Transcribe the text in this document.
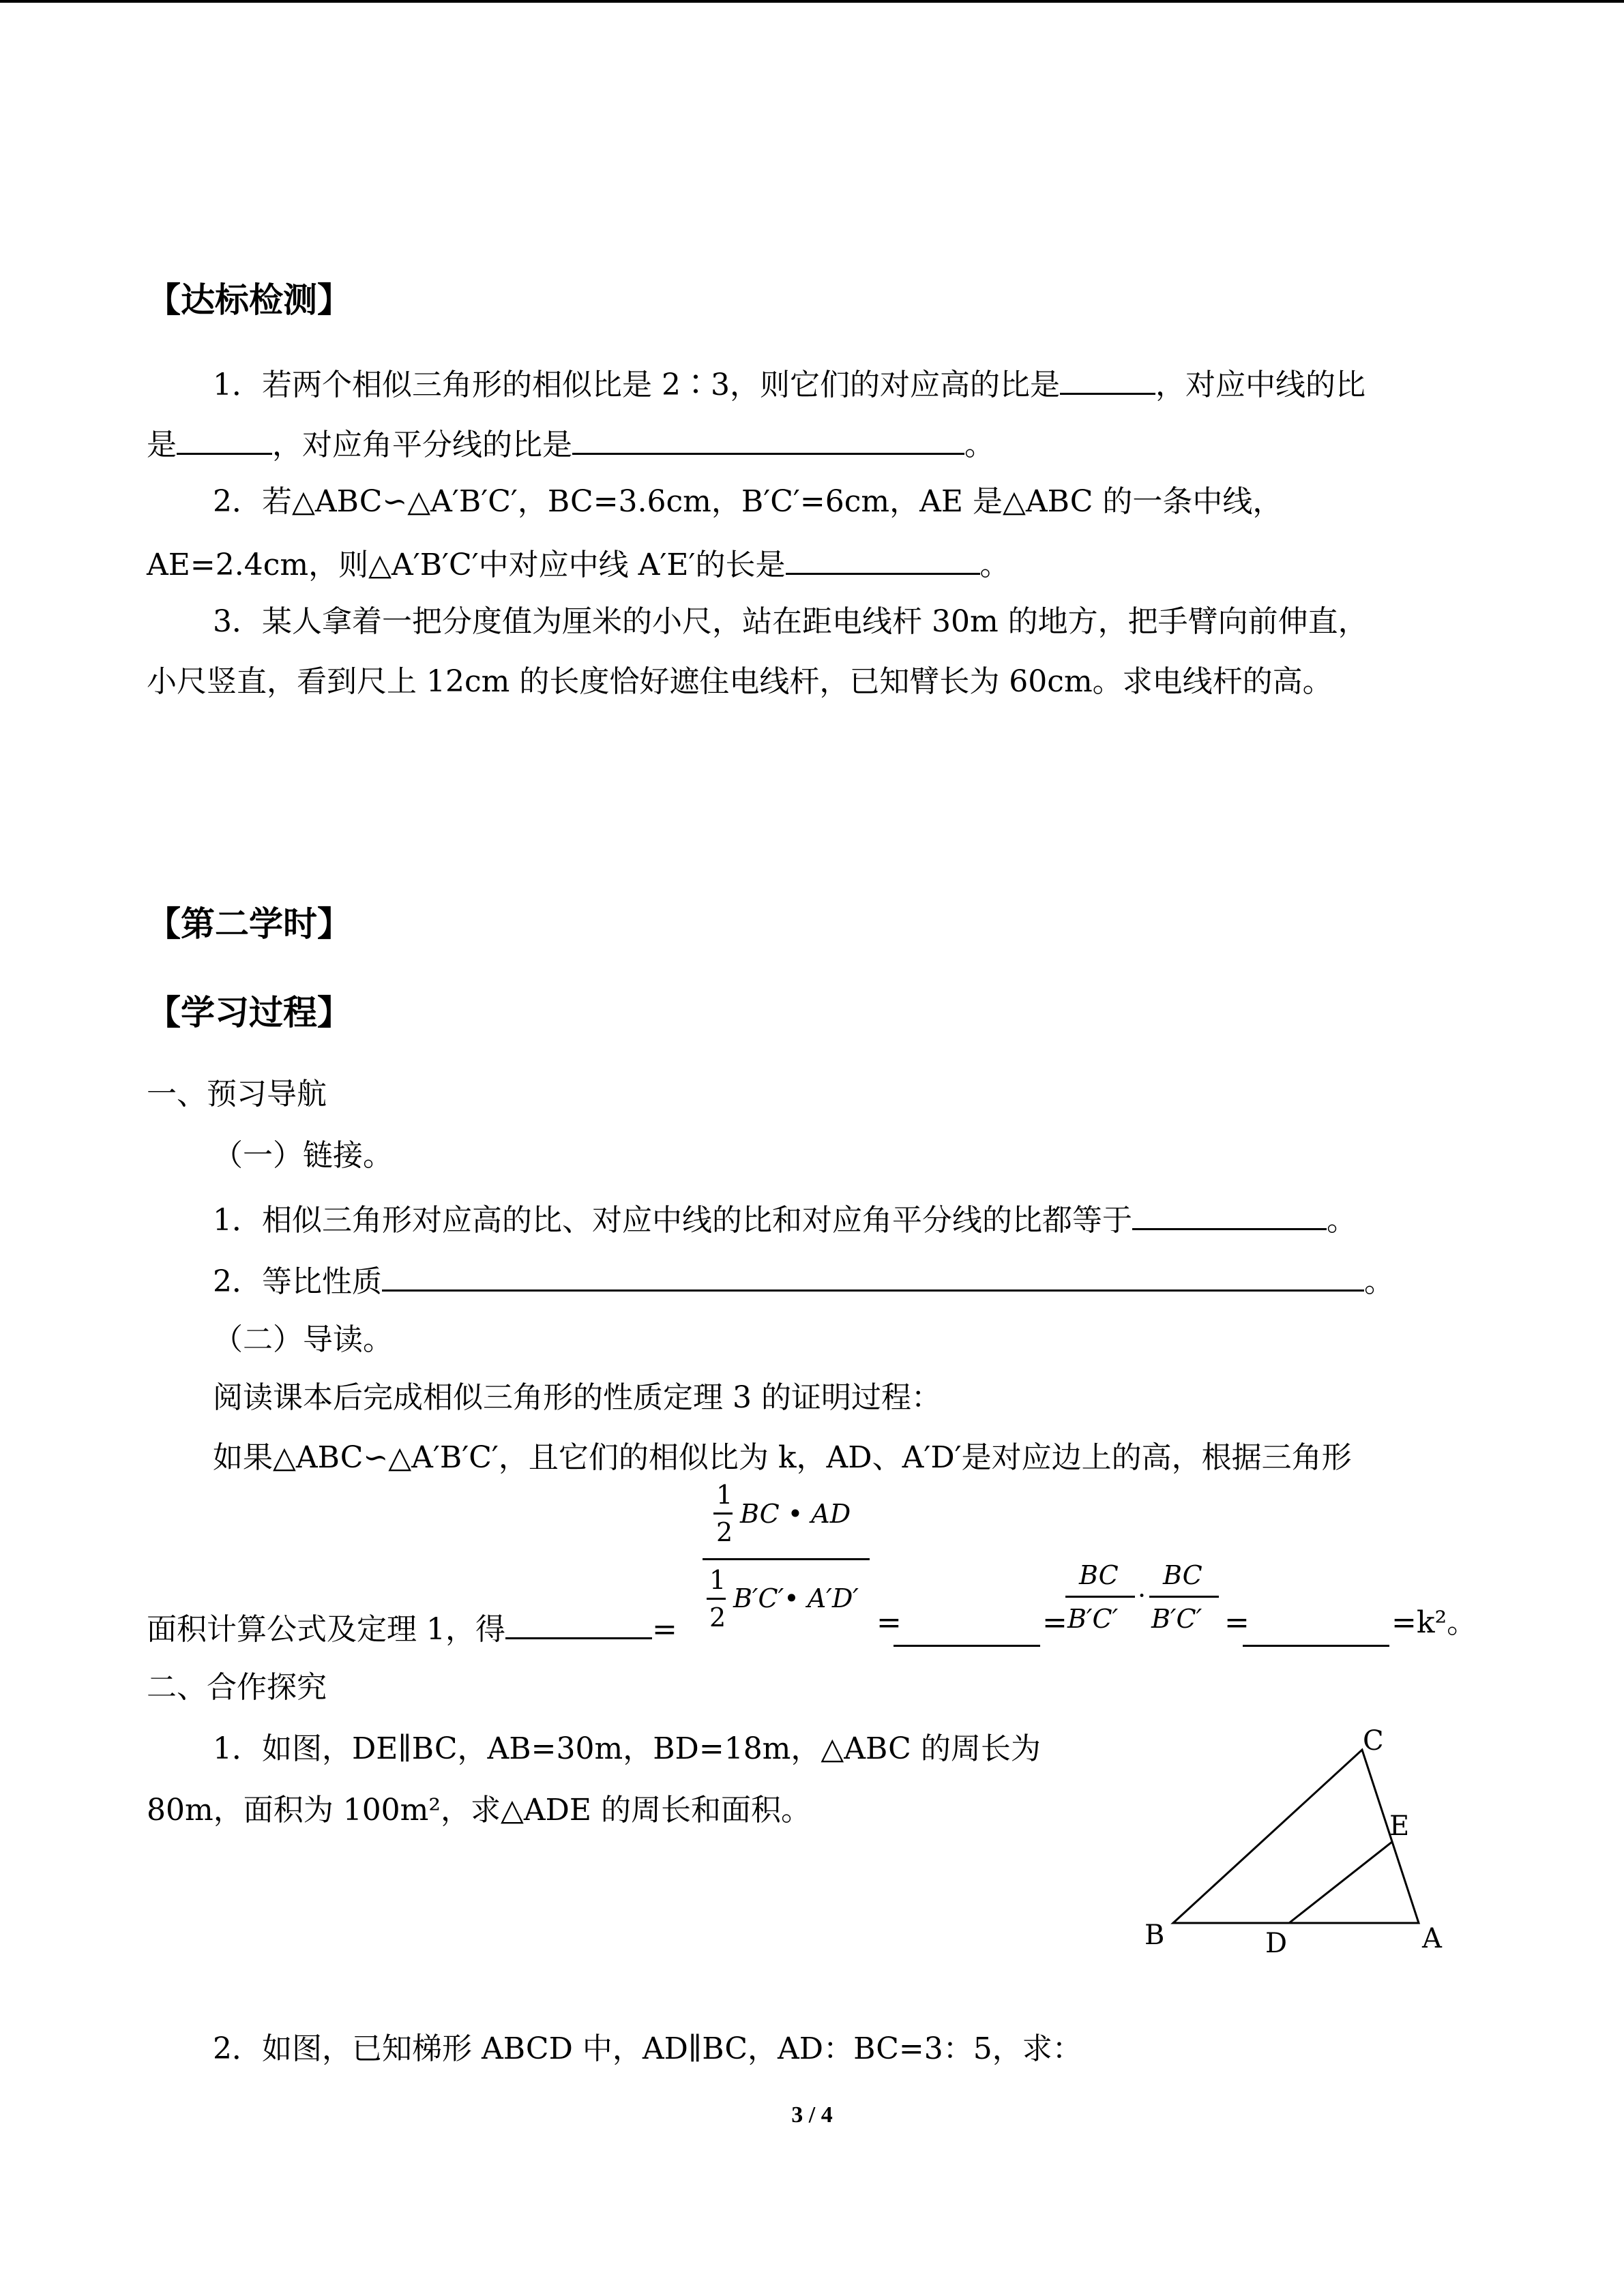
【达标检测】
1．若两个相似三角形的相似比是 2∶3，则它们的对应高的比是	，对应中线的比
是	，对应角平分线的比是	。
2．若△ABC∽△A′B′C′，BC=3.6cm，B′C′=6cm，AE 是△ABC 的一条中线，
AE=2.4cm，则△A′B′C′中对应中线 A′E′的长是	。
3．某人拿着一把分度值为厘米的小尺，站在距电线杆 30m 的地方，把手臂向前伸直，
小尺竖直，看到尺上 12cm 的长度恰好遮住电线杆，已知臂长为 60cm。求电线杆的高。
【第二学时】
【学习过程】
一、预习导航
（一）链接。
1．相似三角形对应高的比、对应中线的比和对应角平分线的比都等于	。
2．等比性质	。
（二）导读。
阅读课本后完成相似三角形的性质定理 3 的证明过程：
如果△ABC∽△A′B′C′，且它们的相似比为 k，AD、A′D′是对应边上的高，根据三角形
面积计算公式及定理 1，得	=
1
2
BC • AD
1
2
B′C′• A′D′
=	=
BC
B′C′
·
BC
B′C′ =	=k²。
二、合作探究
1．如图，DE∥BC，AB=30m，BD=18m，△ABC 的周长为
80m，面积为 100m²，求△ADE 的周长和面积。
C
E
B	D	A
2．如图，已知梯形 ABCD 中，AD∥BC，AD：BC=3：5，求：
3 / 4
